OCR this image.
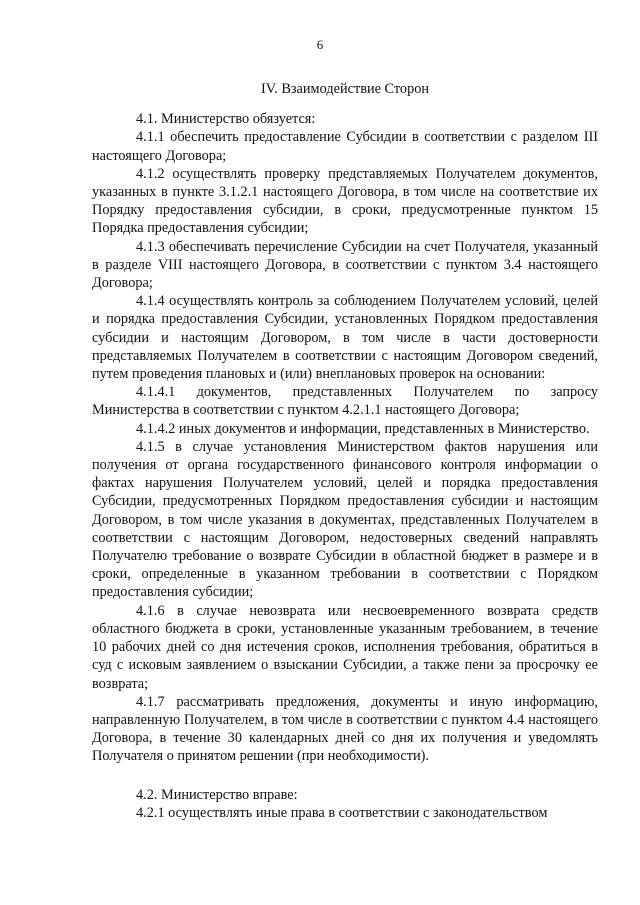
6
IV. Взаимодействие Сторон

4.1. Министерство обязуется:

4.1.1 обеспечить предоставление Субсидии в соответствии с разделом III настоящего Договора;

4.1.2 осуществлять проверку представляемых Получателем документов, указанных в пункте 3.1.2.1 настоящего Договора, в том числе на соответствие их Порядку предоставления субсидии, в сроки, предусмотренные пунктом 15 Порядка предоставления субсидии;

4.1.3 обеспечивать перечисление Субсидии на счет Получателя, указанный в разделе VIII настоящего Договора, в соответствии с пунктом 3.4 настоящего Договора;

4.1.4 осуществлять контроль за соблюдением Получателем условий, целей и порядка предоставления Субсидии, установленных Порядком предоставления субсидии и настоящим Договором, в том числе в части достоверности представляемых Получателем в соответствии с настоящим Договором сведений, путем проведения плановых и (или) внеплановых проверок на основании:

4.1.4.1 документов, представленных Получателем по запросу Министерства в соответствии с пунктом 4.2.1.1 настоящего Договора;

4.1.4.2 иных документов и информации, представленных в Министерство.

4.1.5 в случае установления Министерством фактов нарушения или получения от органа государственного финансового контроля информации о фактах нарушения Получателем условий, целей и порядка предоставления Субсидии, предусмотренных Порядком предоставления субсидии и настоящим Договором, в том числе указания в документах, представленных Получателем в соответствии с настоящим Договором, недостоверных сведений направлять Получателю требование о возврате Субсидии в областной бюджет в размере и в сроки, определенные в указанном требовании в соответствии с Порядком предоставления субсидии;

4.1.6 в случае невозврата или несвоевременного возврата средств областного бюджета в сроки, установленные указанным требованием, в течение 10 рабочих дней со дня истечения сроков, исполнения требования, обратиться в суд с исковым заявлением о взыскании Субсидии, а также пени за просрочку ее возврата;

4.1.7 рассматривать предложения, документы и иную информацию, направленную Получателем, в том числе в соответствии с пунктом 4.4 настоящего Договора, в течение 30 календарных дней со дня их получения и уведомлять Получателя о принятом решении (при необходимости).

4.2. Министерство вправе:

4.2.1 осуществлять иные права в соответствии с законодательством
